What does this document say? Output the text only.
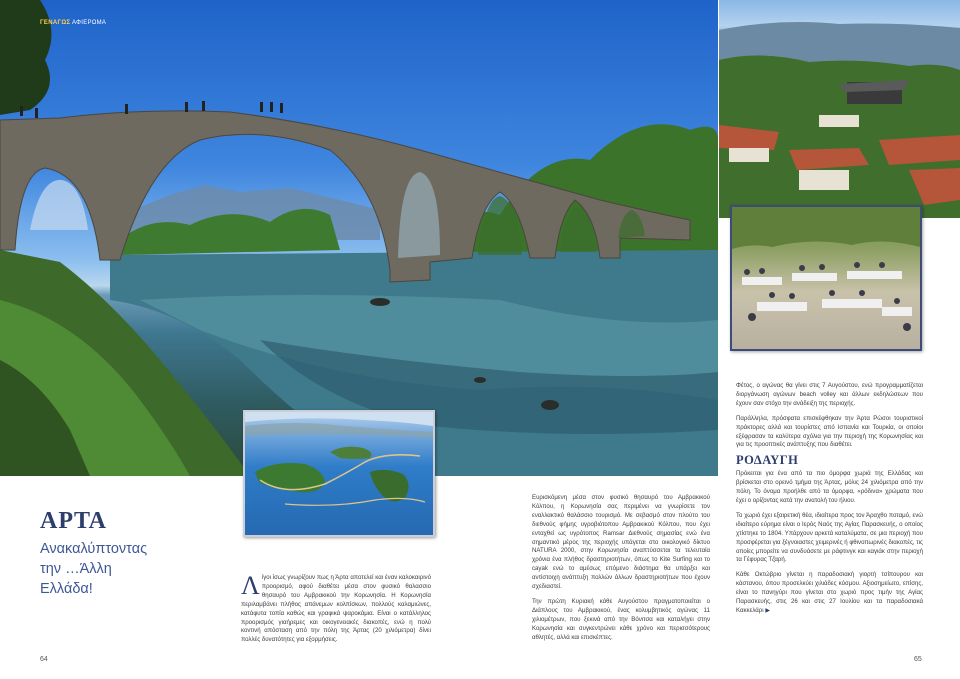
ΓΕΝΑΓΩΣ ΑΦΙΕΡΩΜΑ
ΑΡΤΑ
Ανακαλύπτοντας
την …Άλλη
Ελλάδα!	Λ ίγοι ίσως γνωρίζουν πως η Άρτα αποτελεί και έναν καλοκαιρινό προορισμό, αφού διαθέτει μέσα στον φυσικό θαλασσιο θησαυρό του Αμβρακικού την Κορωνησία. Η Κορωνησία περιλαμβάνει πλήθος απάνεμων κολπίσκων, πολλούς καλαμιώνες, κατάφυτα τοπία καθώς και γραφικά ψαροκάμια. Είναι ο κατάλληλος προορισμός γιαήρεμες και οικογενειακές διακοπές, ενώ η πολύ κοντινή απόσταση από την πόλη της Άρτας (20 χιλιόμετρα) δίνει πολλές δυνατότητες για εξορμήσεις.

Ευρισκόμενη μέσα στον φυσικό θησαυρό του Αμβρακικού Κόλπου, η Κορωνησία σας περιμένει να γνωρίσετε τον εναλλακτικό θαλάσσιο τουρισμό. Με σεβασμό στον πλούτο του διεθνούς φήμης υγροβιότοπου Αμβρακικού Κόλπου, που έχει ενταχθεί ως υγρότοπος Ramsar Διεθνούς σημασίας ενώ ένα σημαντικό μέρος της περιοχής υπάγεται στο οικολογικό δίκτυο NATURA 2000, στην Κορωνησία αναπτύσσεται τα τελευταία χρόνια ένα πλήθος δραστηριοτήτων, όπως το Kite Surfing και το cayak ενώ το αμέσως επόμενο διάστημα θα υπάρξει και αντίστοιχη ανάπτυξη πολλών άλλων δραστηριοτήτων που έχουν σχεδιαστεί.

Την πρώτη Κυριακή κάθε Αυγούστου πραγματοποιείται ο Διάπλους του Αμβρακικού, ένας κολυμβητικός αγώνας 11 χιλιομέτρων, που ξεκινά από την Βόνιτσα και καταλήγει στην Κορωνησία και συγκεντρώνει κάθε χρόνο και περισσότερους αθλητές, αλλά και επισκέπτες.

Φέτος, ο αγώνας θα γίνει στις 7 Αυγούστου, ενώ προγραμματίζεται διοργάνωση αγώνων beach volley και άλλων εκδηλώσεων που έχουν σαν στόχο την ανάδειξη της περιοχής.

Παράλληλα, πρόσφατα επισκέφθηκαν την Άρτα Ρώσοι τουριστικοί πράκτορες αλλά και τουρίστες από Ισπανία και Τουρκία, οι οποίοι εξέφρασαν τα καλύτερα σχόλια για την περιοχή της Κορωνησίας και για τις προοπτικές ανάπτυξης που διαθέτει.

ΡΟΔΑΥΓΗ

Πρόκειται για ένα από τα πιο όμορφα χωριά της Ελλάδας και βρίσκεται στο ορεινό τμήμα της Άρτας, μόλις 24 χιλιόμετρα από την πόλη. Το όνομα προήλθε από τα όμορφα, «ρόδινα» χρώματα που έχει ο ορίζοντας κατά την ανατολή του ήλιου.

Το χωριό έχει εξαιρετική θέα, ιδιαίτερα προς τον Άραχθο ποταμό, ενώ ιδιαίτερο εύρημα είναι ο Ιερός Ναός της Αγίας Παρασκευής, ο οποίος χτίστηκε το 1804. Υπάρχουν αρκετά καταλύματα, σε μια περιοχή που προσφέρεται για ξέγνοιαστες χειμερινές ή φθινοπωρινές διακοπές, τις οποίες μπορείτε να συνδυάσετε με ράφτινγκ και καγιάκ στην περιοχή τα Γέφυρας Τζαρή.

Κάθε Οκτώβριο γίνεται η παραδοσιακή γιορτή τσίπουρου και κάστανου, όπου προσελκύει χιλιάδες κόσμου. Αξιοσημείωτο, επίσης, είναι το πανηγύρι που γίνεται στο χωριό προς τιμήν της Αγίας Παρασκευής, στις 26 και στις 27 Ιουλίου και τα παραδοσιακά Κακκελάρι ▶

64	65
